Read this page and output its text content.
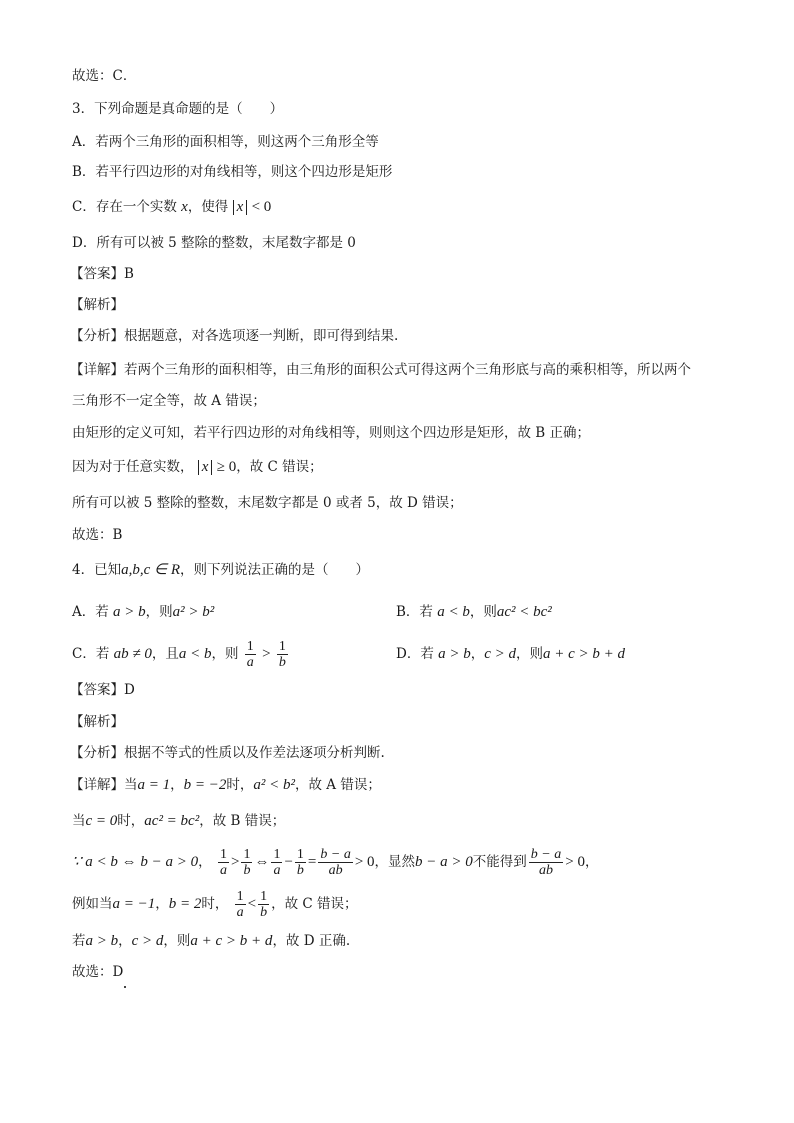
故选：C．
3．下列命题是真命题的是（　　）
A．若两个三角形的面积相等，则这两个三角形全等
B．若平行四边形的对角线相等，则这个四边形是矩形
C．存在一个实数 x，使得 x < 0
D．所有可以被 5 整除的整数，末尾数字都是 0
【答案】B
【解析】
【分析】根据题意，对各选项逐一判断，即可得到结果.
【详解】若两个三角形的面积相等，由三角形的面积公式可得这两个三角形底与高的乘积相等，所以两个
三角形不一定全等，故 A 错误；
由矩形的定义可知，若平行四边形的对角线相等，则则这个四边形是矩形，故 B 正确；
因为对于任意实数， x ≥ 0，故 C 错误；
所有可以被 5 整除的整数，末尾数字都是 0 或者 5，故 D 错误；
故选：B
4．已知a,b,c ∈ R，则下列说法正确的是（　　）
A．若 a > b，则a² > b²	B．若 a < b，则ac² < bc²
C．若 ab ≠ 0，且a < b，则 $\frac{1}{a} > \frac{1}{b}$	D．若 a > b，c > d，则a + c > b + d
【答案】D
【解析】
【分析】根据不等式的性质以及作差法逐项分析判断.
【详解】当a = 1，b = −2时，a² < b²，故 A 错误；
当c = 0时，ac² = bc²，故 B 错误；
∵ a < b ⇔ b − a > 0， $\frac{1}{a} > \frac{1}{b}$ ⇔ $\frac{1}{a} - \frac{1}{b} = \frac{b - a}{ab} > 0$，显然b − a > 0不能得到 $\frac{b - a}{ab} > 0$，
例如当a = −1，b = 2时， $\frac{1}{a} < \frac{1}{b}$ ，故 C 错误；
若a > b，c > d，则a + c > b + d，故 D 正确.
故选：D
